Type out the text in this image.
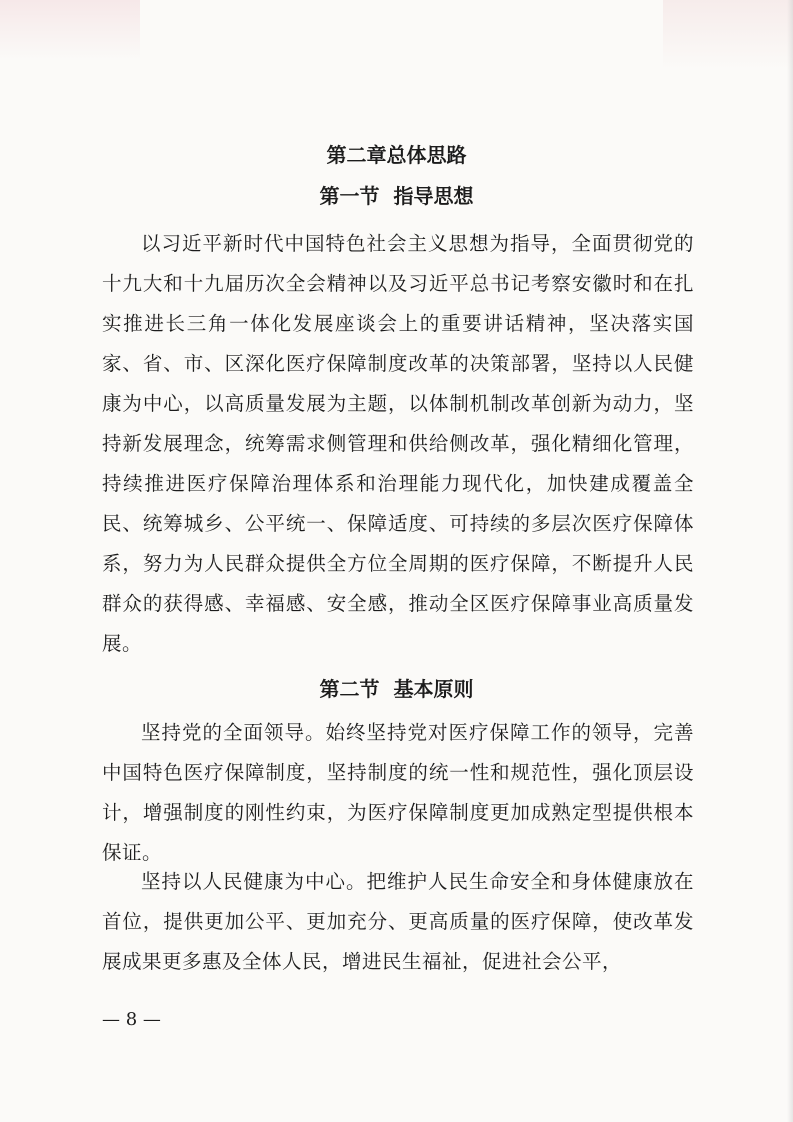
第二章总体思路
第一节  指导思想

以习近平新时代中国特色社会主义思想为指导，全面贯彻党的十九大和十九届历次全会精神以及习近平总书记考察安徽时和在扎实推进长三角一体化发展座谈会上的重要讲话精神，坚决落实国家、省、市、区深化医疗保障制度改革的决策部署，坚持以人民健康为中心，以高质量发展为主题，以体制机制改革创新为动力，坚持新发展理念，统筹需求侧管理和供给侧改革，强化精细化管理，持续推进医疗保障治理体系和治理能力现代化，加快建成覆盖全民、统筹城乡、公平统一、保障适度、可持续的多层次医疗保障体系，努力为人民群众提供全方位全周期的医疗保障，不断提升人民群众的获得感、幸福感、安全感，推动全区医疗保障事业高质量发展。

第二节  基本原则

坚持党的全面领导。始终坚持党对医疗保障工作的领导，完善中国特色医疗保障制度，坚持制度的统一性和规范性，强化顶层设计，增强制度的刚性约束，为医疗保障制度更加成熟定型提供根本保证。

坚持以人民健康为中心。把维护人民生命安全和身体健康放在首位，提供更加公平、更加充分、更高质量的医疗保障，使改革发展成果更多惠及全体人民，增进民生福祉，促进社会公平，

— 8 —
